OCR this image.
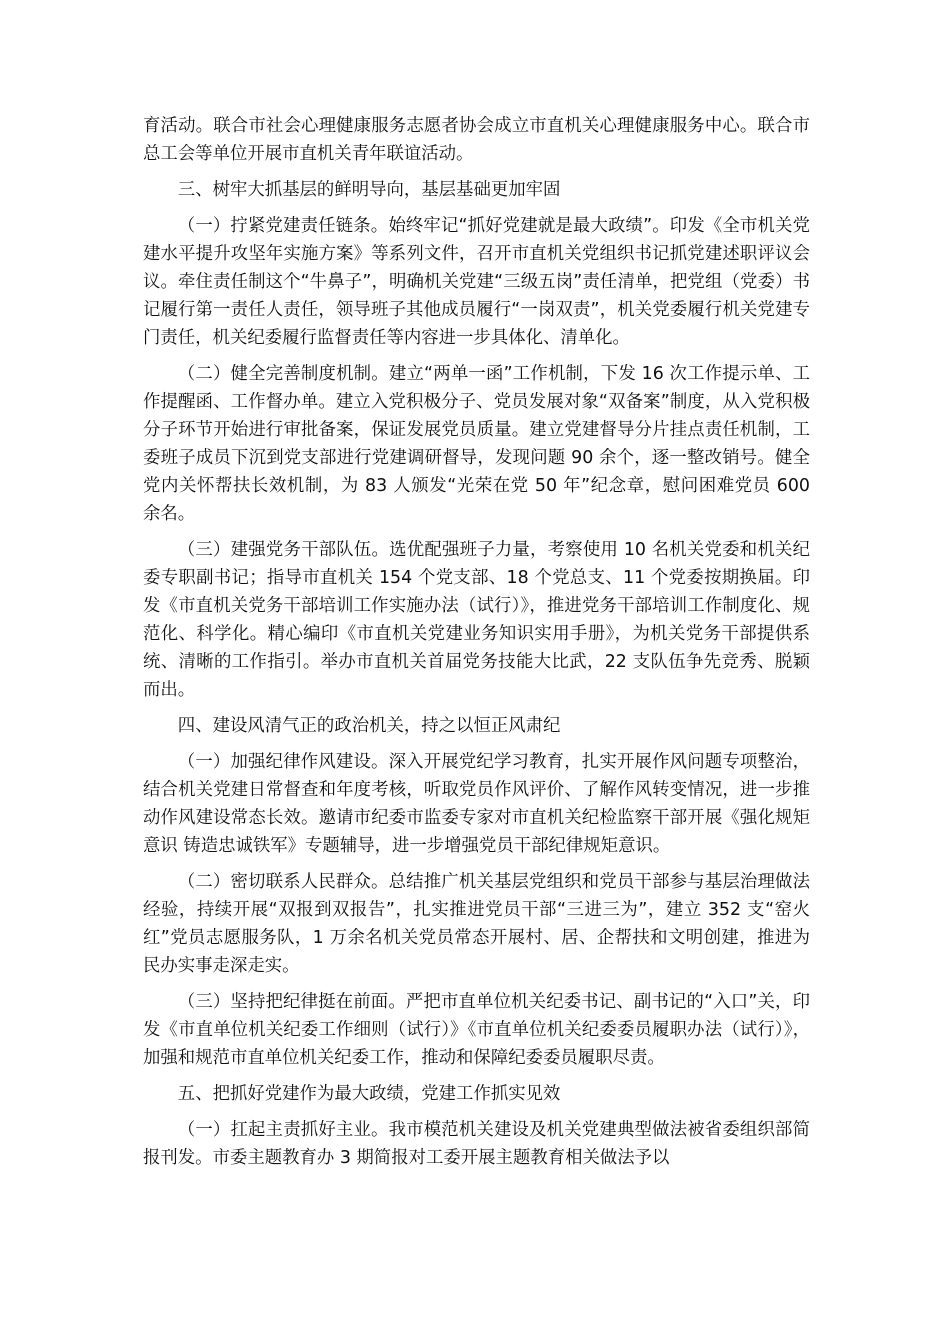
育活动。联合市社会心理健康服务志愿者协会成立市直机关心理健康服务中心。联合市总工会等单位开展市直机关青年联谊活动。

三、树牢大抓基层的鲜明导向，基层基础更加牢固

（一）拧紧党建责任链条。始终牢记“抓好党建就是最大政绩”。印发《全市机关党建水平提升攻坚年实施方案》等系列文件，召开市直机关党组织书记抓党建述职评议会议。牵住责任制这个“牛鼻子”，明确机关党建“三级五岗”责任清单，把党组（党委）书记履行第一责任人责任，领导班子其他成员履行“一岗双责”，机关党委履行机关党建专门责任，机关纪委履行监督责任等内容进一步具体化、清单化。

（二）健全完善制度机制。建立“两单一函”工作机制，下发 16 次工作提示单、工作提醒函、工作督办单。建立入党积极分子、党员发展对象“双备案”制度，从入党积极分子环节开始进行审批备案，保证发展党员质量。建立党建督导分片挂点责任机制，工委班子成员下沉到党支部进行党建调研督导，发现问题 90 余个，逐一整改销号。健全党内关怀帮扶长效机制，为 83 人颁发“光荣在党 50 年”纪念章，慰问困难党员 600 余名。

（三）建强党务干部队伍。选优配强班子力量，考察使用 10 名机关党委和机关纪委专职副书记；指导市直机关 154 个党支部、18 个党总支、11 个党委按期换届。印发《市直机关党务干部培训工作实施办法（试行）》，推进党务干部培训工作制度化、规范化、科学化。精心编印《市直机关党建业务知识实用手册》，为机关党务干部提供系统、清晰的工作指引。举办市直机关首届党务技能大比武，22 支队伍争先竞秀、脱颖而出。

四、建设风清气正的政治机关，持之以恒正风肃纪

（一）加强纪律作风建设。深入开展党纪学习教育，扎实开展作风问题专项整治，结合机关党建日常督查和年度考核，听取党员作风评价、了解作风转变情况，进一步推动作风建设常态长效。邀请市纪委市监委专家对市直机关纪检监察干部开展《强化规矩意识 铸造忠诚铁军》专题辅导，进一步增强党员干部纪律规矩意识。

（二）密切联系人民群众。总结推广机关基层党组织和党员干部参与基层治理做法经验，持续开展“双报到双报告”，扎实推进党员干部“三进三为”，建立 352 支“窑火红”党员志愿服务队，1 万余名机关党员常态开展村、居、企帮扶和文明创建，推进为民办实事走深走实。

（三）坚持把纪律挺在前面。严把市直单位机关纪委书记、副书记的“入口”关，印发《市直单位机关纪委工作细则（试行）》《市直单位机关纪委委员履职办法（试行）》，加强和规范市直单位机关纪委工作，推动和保障纪委委员履职尽责。

五、把抓好党建作为最大政绩，党建工作抓实见效

（一）扛起主责抓好主业。我市模范机关建设及机关党建典型做法被省委组织部简报刊发。市委主题教育办 3 期简报对工委开展主题教育相关做法予以
